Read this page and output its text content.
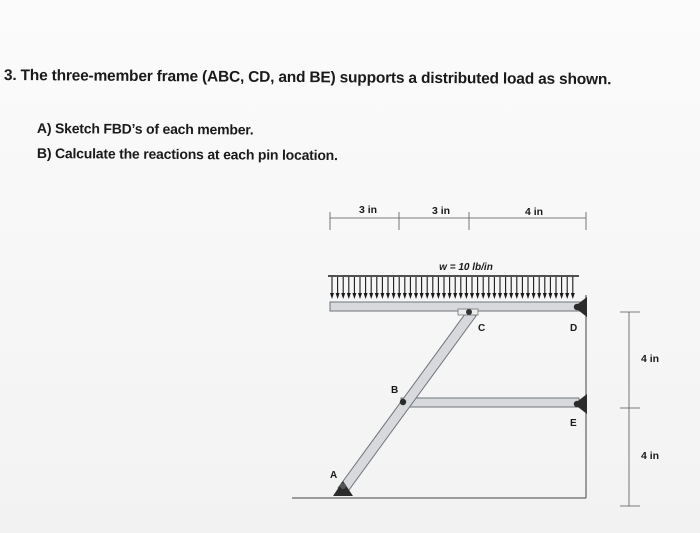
3. The three-member frame (ABC, CD, and BE) supports a distributed load as shown.
A) Sketch FBD’s of each member.
B) Calculate the reactions at each pin location.
3 in	3 in	4 in
4 in
4 in
w = 10 lb/in
C	D
E
B
A
